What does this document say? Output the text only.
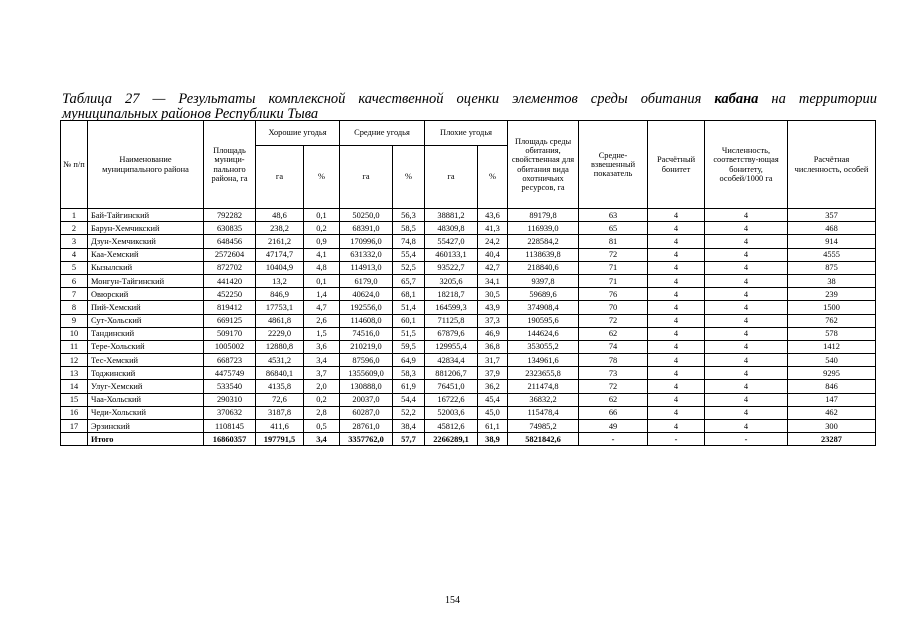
Таблица 27 — Результаты комплексной качественной оценки элементов среды обитания кабана на территории
муниципальных районов Республики Тыва
№ п/п	Наименование муниципального района	Площадь муници-пального района, га	Хорошие угодья		Средние угодья		Плохие угодья		Площадь среды обитания, свойственная для обитания вида охотничьих ресурсов, га	Средне-взвешенный показатель	Расчётный бонитет	Численность, соответству-ющая бонитету, особей/1000 га	Расчётная численность, особей
			га	%	га	%	га	%					
1	Бай-Тайгинский	792282	48,6	0,1	50250,0	56,3	38881,2	43,6	89179,8	63	4	4	357
2	Барун-Хемчикский	630835	238,2	0,2	68391,0	58,5	48309,8	41,3	116939,0	65	4	4	468
3	Дзун-Хемчикский	648456	2161,2	0,9	170996,0	74,8	55427,0	24,2	228584,2	81	4	4	914
4	Каа-Хемский	2572604	47174,7	4,1	631332,0	55,4	460133,1	40,4	1138639,8	72	4	4	4555
5	Кызылский	872702	10404,9	4,8	114913,0	52,5	93522,7	42,7	218840,6	71	4	4	875
6	Монгун-Тайгинский	441420	13,2	0,1	6179,0	65,7	3205,6	34,1	9397,8	71	4	4	38
7	Овюрский	452250	846,9	1,4	40624,0	68,1	18218,7	30,5	59689,6	76	4	4	239
8	Пий-Хемский	819412	17753,1	4,7	192556,0	51,4	164599,3	43,9	374908,4	70	4	4	1500
9	Сут-Хольский	669125	4861,8	2,6	114608,0	60,1	71125,8	37,3	190595,6	72	4	4	762
10	Тандинский	509170	2229,0	1,5	74516,0	51,5	67879,6	46,9	144624,6	62	4	4	578
11	Тере-Хольский	1005002	12880,8	3,6	210219,0	59,5	129955,4	36,8	353055,2	74	4	4	1412
12	Тес-Хемский	668723	4531,2	3,4	87596,0	64,9	42834,4	31,7	134961,6	78	4	4	540
13	Тоджинский	4475749	86840,1	3,7	1355609,0	58,3	881206,7	37,9	2323655,8	73	4	4	9295
14	Улуг-Хемский	533540	4135,8	2,0	130888,0	61,9	76451,0	36,2	211474,8	72	4	4	846
15	Чаа-Хольский	290310	72,6	0,2	20037,0	54,4	16722,6	45,4	36832,2	62	4	4	147
16	Чеди-Хольский	370632	3187,8	2,8	60287,0	52,2	52003,6	45,0	115478,4	66	4	4	462
17	Эрзинский	1108145	411,6	0,5	28761,0	38,4	45812,6	61,1	74985,2	49	4	4	300
	Итого	16860357	197791,5	3,4	3357762,0	57,7	2266289,1	38,9	5821842,6	-	-	-	23287
154
